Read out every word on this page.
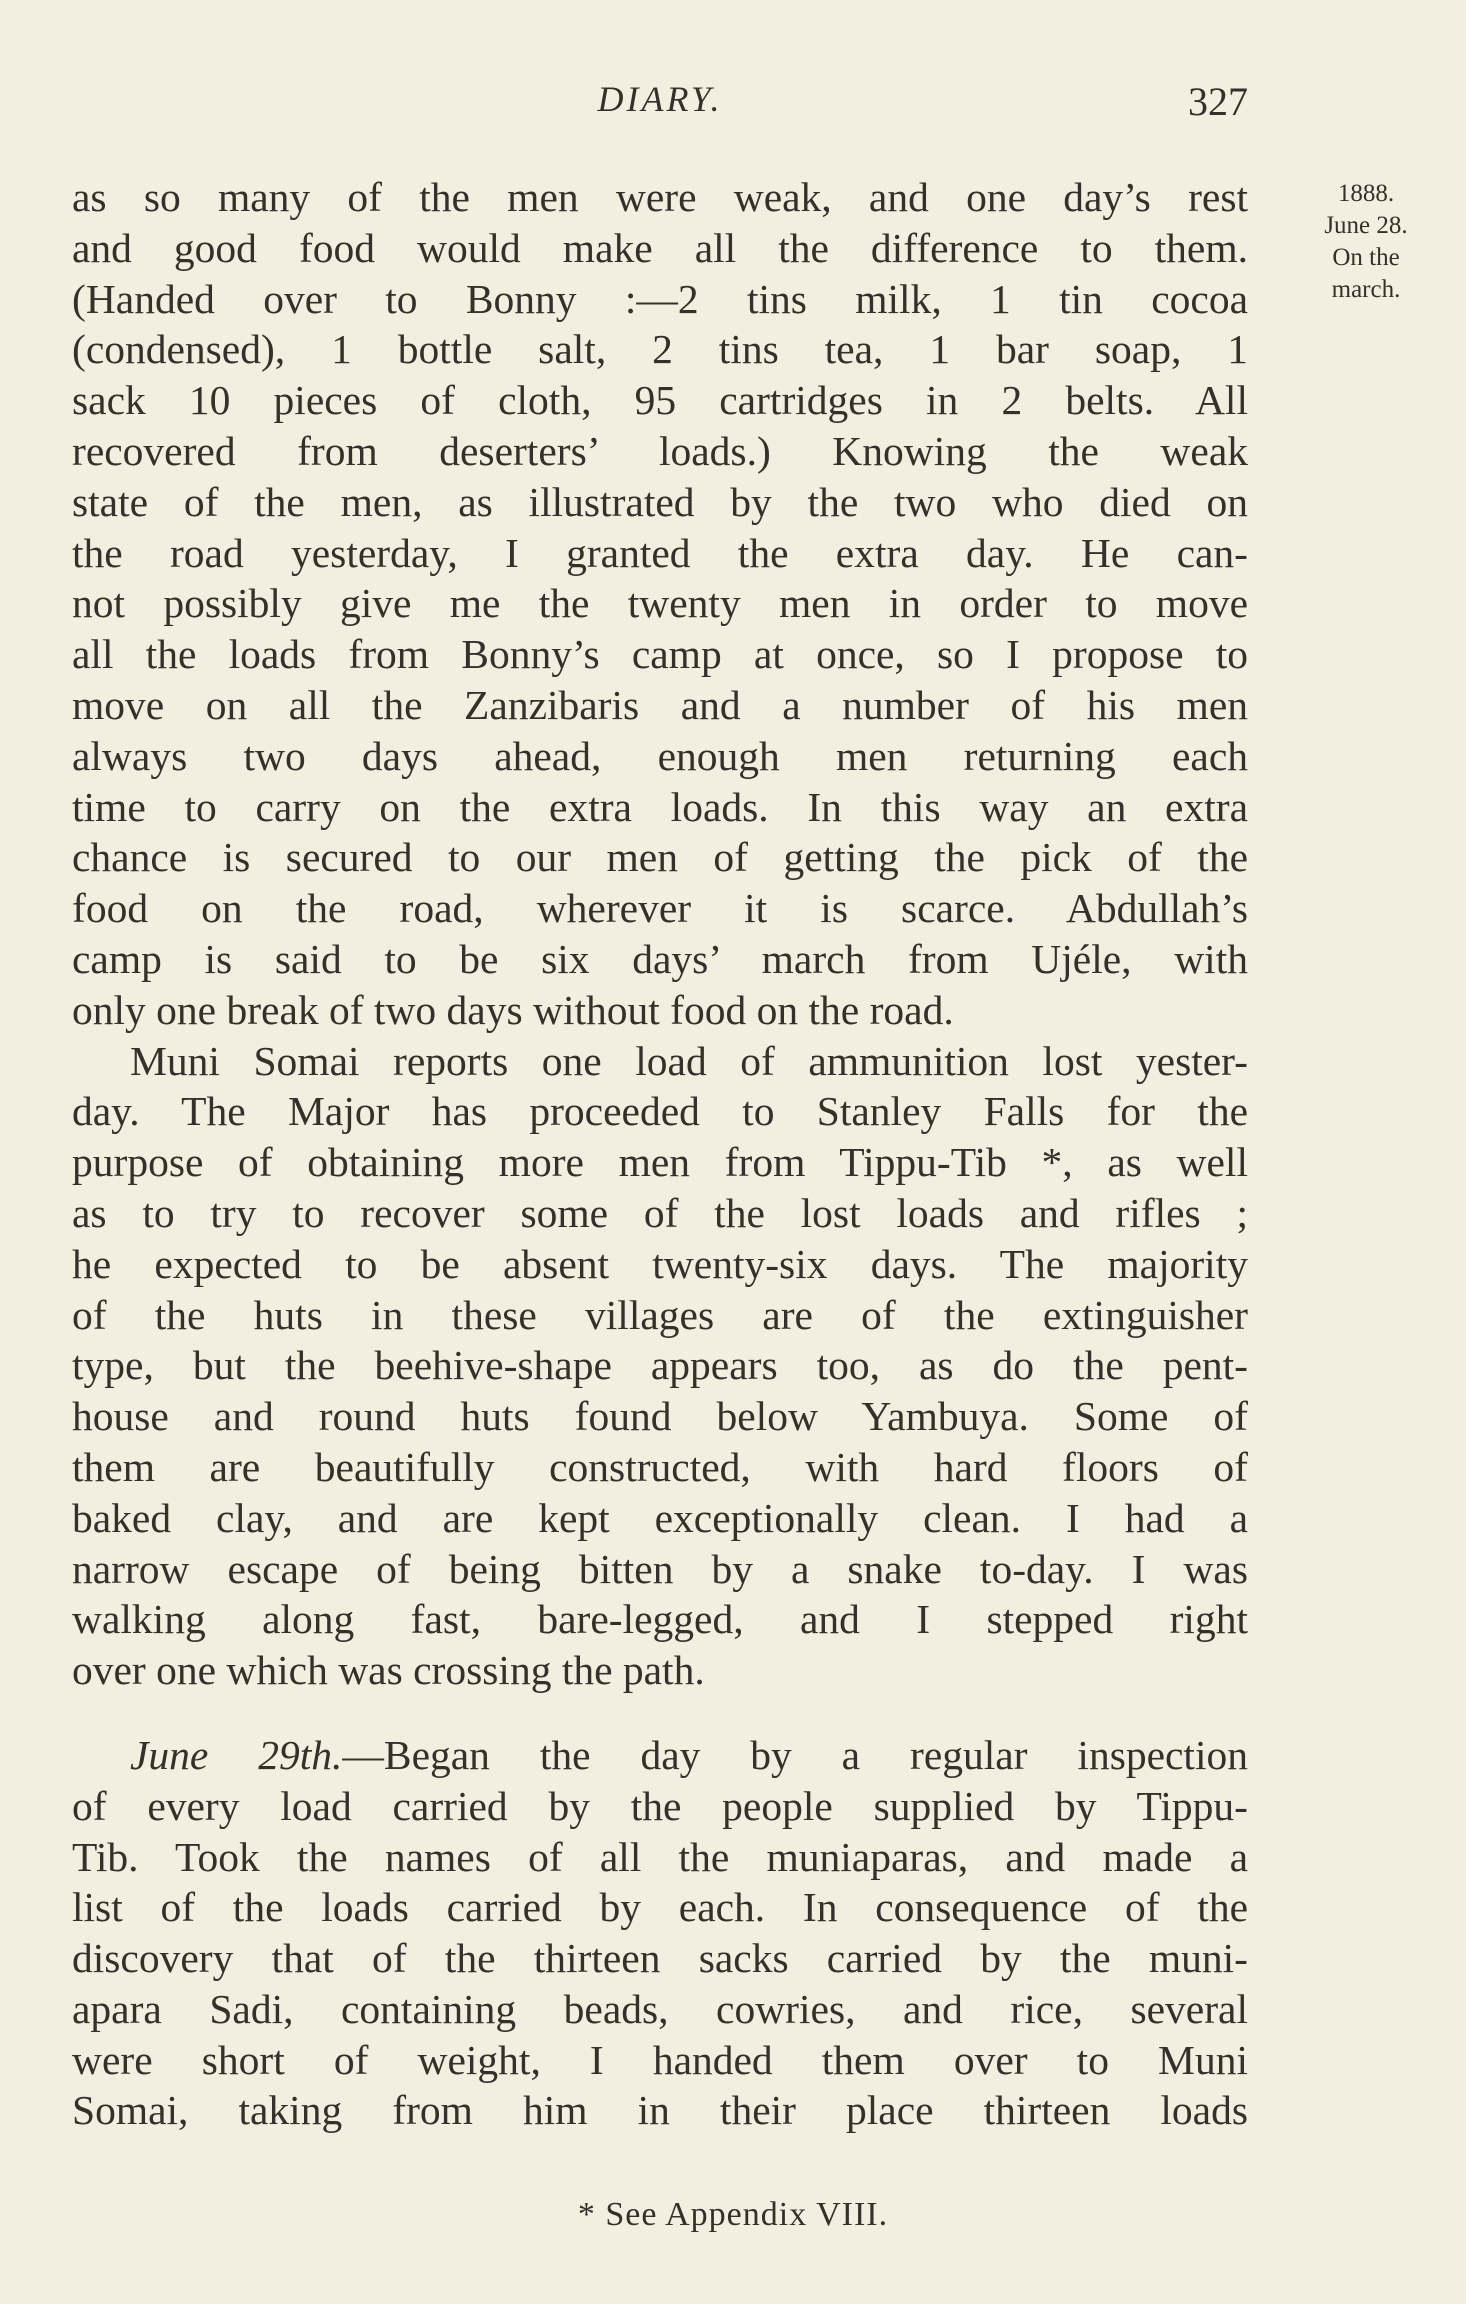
DIARY.	327
1888.
June 28.
On the
march.
as so many of the men were weak, and one day’s rest
and good food would make all the difference to them.
(Handed over to Bonny :—2 tins milk, 1 tin cocoa
(condensed), 1 bottle salt, 2 tins tea, 1 bar soap, 1
sack 10 pieces of cloth, 95 cartridges in 2 belts. All
recovered from deserters’ loads.) Knowing the weak
state of the men, as illustrated by the two who died on
the road yesterday, I granted the extra day. He can-
not possibly give me the twenty men in order to move
all the loads from Bonny’s camp at once, so I propose to
move on all the Zanzibaris and a number of his men
always two days ahead, enough men returning each
time to carry on the extra loads. In this way an extra
chance is secured to our men of getting the pick of the
food on the road, wherever it is scarce. Abdullah’s
camp is said to be six days’ march from Ujéle, with
only one break of two days without food on the road.
Muni Somai reports one load of ammunition lost yester-
day. The Major has proceeded to Stanley Falls for the
purpose of obtaining more men from Tippu-Tib *, as well
as to try to recover some of the lost loads and rifles ;
he expected to be absent twenty-six days. The majority
of the huts in these villages are of the extinguisher
type, but the beehive-shape appears too, as do the pent-
house and round huts found below Yambuya. Some of
them are beautifully constructed, with hard floors of
baked clay, and are kept exceptionally clean. I had a
narrow escape of being bitten by a snake to-day. I was
walking along fast, bare-legged, and I stepped right
over one which was crossing the path.
June 29th.—Began the day by a regular inspection
of every load carried by the people supplied by Tippu-
Tib. Took the names of all the muniaparas, and made a
list of the loads carried by each. In consequence of the
discovery that of the thirteen sacks carried by the muni-
apara Sadi, containing beads, cowries, and rice, several
were short of weight, I handed them over to Muni
Somai, taking from him in their place thirteen loads
* See Appendix VIII.
